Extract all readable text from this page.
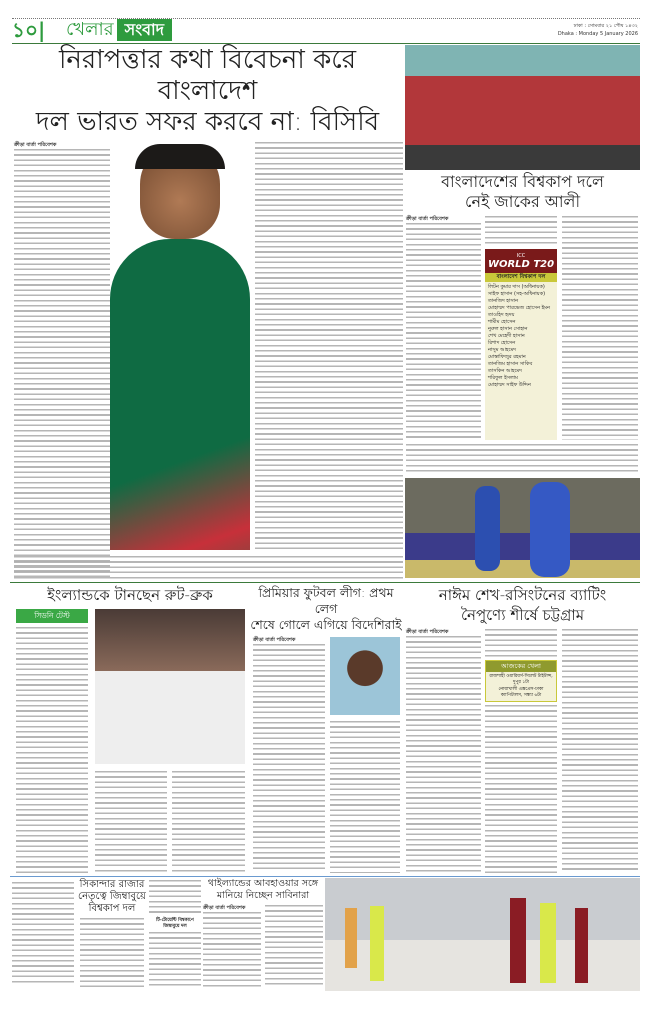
১০| খেলার সংবাদ	ঢাকা : সোমবার ২১ পৌষ ১৪৩২
Dhaka : Monday 5 January 2026
নিরাপত্তার কথা বিবেচনা করে বাংলাদেশ
দল ভারত সফর করবে না: বিসিবি
ক্রীড়া বার্তা পরিবেশক
বাংলাদেশের বিশ্বকাপ দলে
নেই জাকের আলী
ক্রীড়া বার্তা পরিবেশক
ICC
WORLD T20
বাংলাদেশ বিশ্বকাপ দল
লিটন কুমার দাস (অধিনায়ক)
সাইফ হাসান (সহ-অধিনায়ক)
তানজিদ হাসান
মোহাম্মদ পারভেজ হোসেন ইমন
তাওহিদ হৃদয়
শামীম হোসেন
নুরুল হাসান সোহান
শেখ মেহেদী হাসান
রিশাদ হোসেন
নাসুম আহমেদ
মোস্তাফিজুর রহমান
তানজিম হাসান সাকিব
তাসকিন আহমেদ
শরিফুল ইসলাম
মোহাম্মদ সাইফ উদ্দিন
ইংল্যান্ডকে টানছেন রুট-ব্রুক
সিডনি টেস্ট
প্রিমিয়ার ফুটবল লীগ: প্রথম লেগ
শেষে গোলে এগিয়ে বিদেশিরাই
ক্রীড়া বার্তা পরিবেশক
নাঈম শেখ-রসিংটনের ব্যাটিং
নৈপুণ্যে শীর্ষে চট্টগ্রাম
ক্রীড়া বার্তা পরিবেশক
আজকের খেলা
রাজশাহী ওয়ারিয়র্স-সিলেট টাইটান্স, দুপুর ১টা
নোয়াখালী এক্সপ্রেস-ঢাকা ক্যাপিটালস, সন্ধ্যা ৬টা
সিকান্দার রাজার নেতৃত্বে জিম্বাবুয়ে বিশ্বকাপ দল
টি-টোয়েন্টি বিশ্বকাপে জিম্বাবুয়ে দল
থাইল্যান্ডের আবহাওয়ার সঙ্গে
মানিয়ে নিচ্ছেন সাবিনারা
ক্রীড়া বার্তা পরিবেশক
